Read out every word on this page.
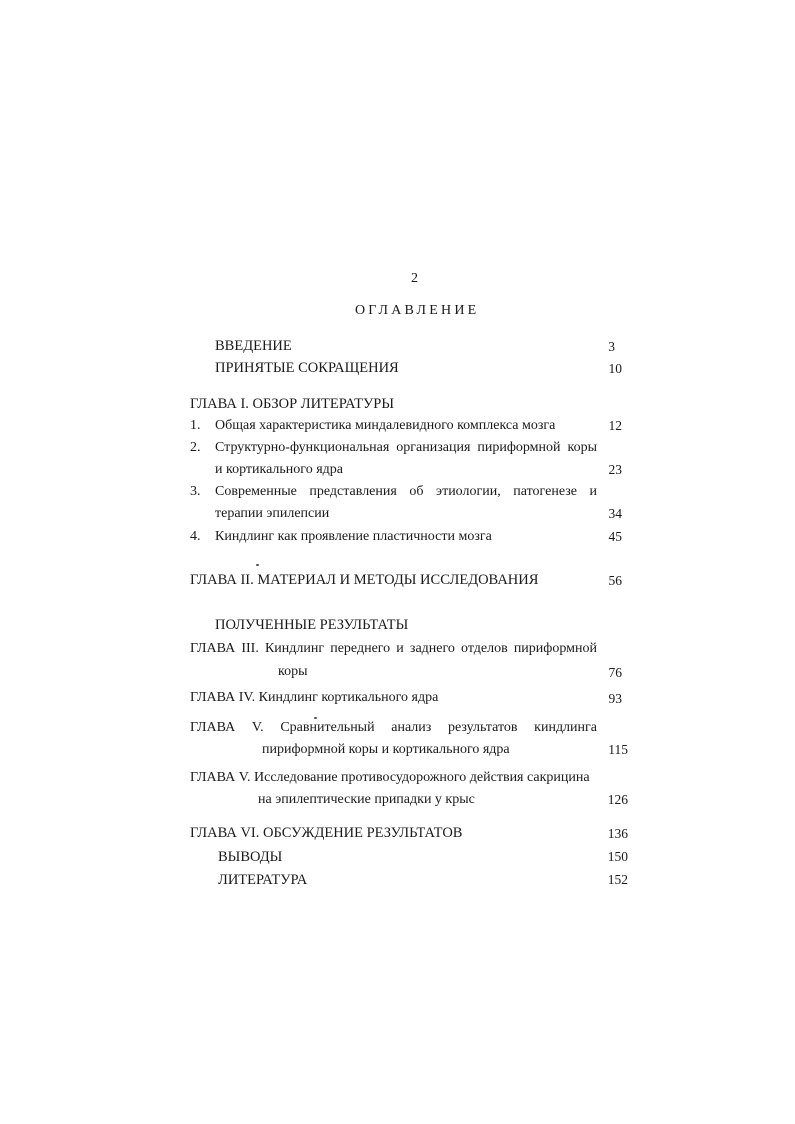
2
ОГЛАВЛЕНИЕ
ВВЕДЕНИЕ	3
ПРИНЯТЫЕ СОКРАЩЕНИЯ	10
ГЛАВА I. ОБЗОР ЛИТЕРАТУРЫ
1. Общая характеристика миндалевидного комплекса мозга	12
2. Структурно-функциональная организация пириформной коры
и кортикального ядра	23
3. Современные представления об этиологии, патогенезе и
терапии эпилепсии	34
4. Киндлинг как проявление пластичности мозга	45
ГЛАВА II. МАТЕРИАЛ И МЕТОДЫ ИССЛЕДОВАНИЯ	56
ПОЛУЧЕННЫЕ РЕЗУЛЬТАТЫ
ГЛАВА III. Киндлинг переднего и заднего отделов пириформной
коры	76
ГЛАВА IV. Киндлинг кортикального ядра	93
ГЛАВА V. Сравнительный анализ результатов киндлинга
пириформной коры и кортикального ядра	115
ГЛАВА V. Исследование противосудорожного действия сакрицина
на эпилептические припадки у крыс	126
ГЛАВА VI. ОБСУЖДЕНИЕ РЕЗУЛЬТАТОВ	136
ВЫВОДЫ	150
ЛИТЕРАТУРА	152
